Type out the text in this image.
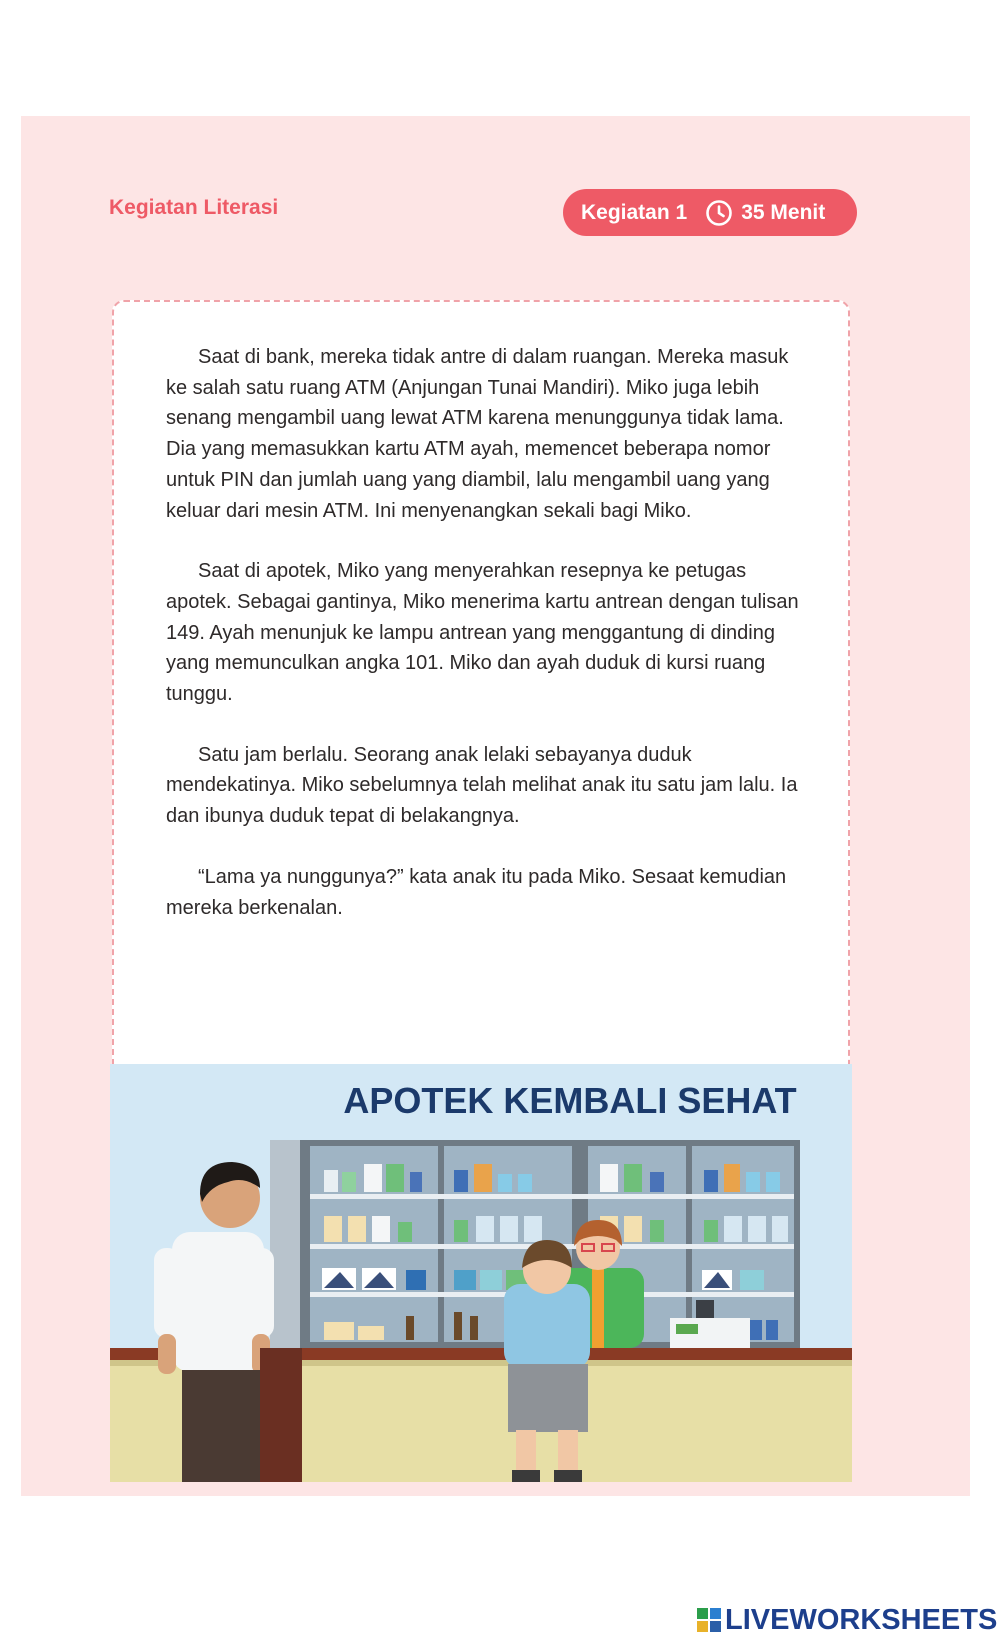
Kegiatan Literasi	Kegiatan 1	35 Menit

Saat di bank, mereka tidak antre di dalam ruangan. Mereka masuk ke salah satu ruang ATM (Anjungan Tunai Mandiri). Miko juga lebih senang mengambil uang lewat ATM karena menunggunya tidak lama. Dia yang memasukkan kartu ATM ayah, memencet beberapa nomor untuk PIN dan jumlah uang yang diambil, lalu mengambil uang yang keluar dari mesin ATM. Ini menyenangkan sekali bagi Miko.

Saat di apotek, Miko yang menyerahkan resepnya ke petugas apotek. Sebagai gantinya, Miko menerima kartu antrean dengan tulisan 149. Ayah menunjuk ke lampu antrean yang menggantung di dinding yang memunculkan angka 101. Miko dan ayah duduk di kursi ruang tunggu.

Satu jam berlalu. Seorang anak lelaki sebayanya duduk mendekatinya. Miko sebelumnya telah melihat anak itu satu jam lalu. Ia dan ibunya duduk tepat di belakangnya.

“Lama ya nunggunya?” kata anak itu pada Miko. Sesaat kemudian mereka berkenalan.

APOTEK KEMBALI SEHAT
LIVEWORKSHEETS
